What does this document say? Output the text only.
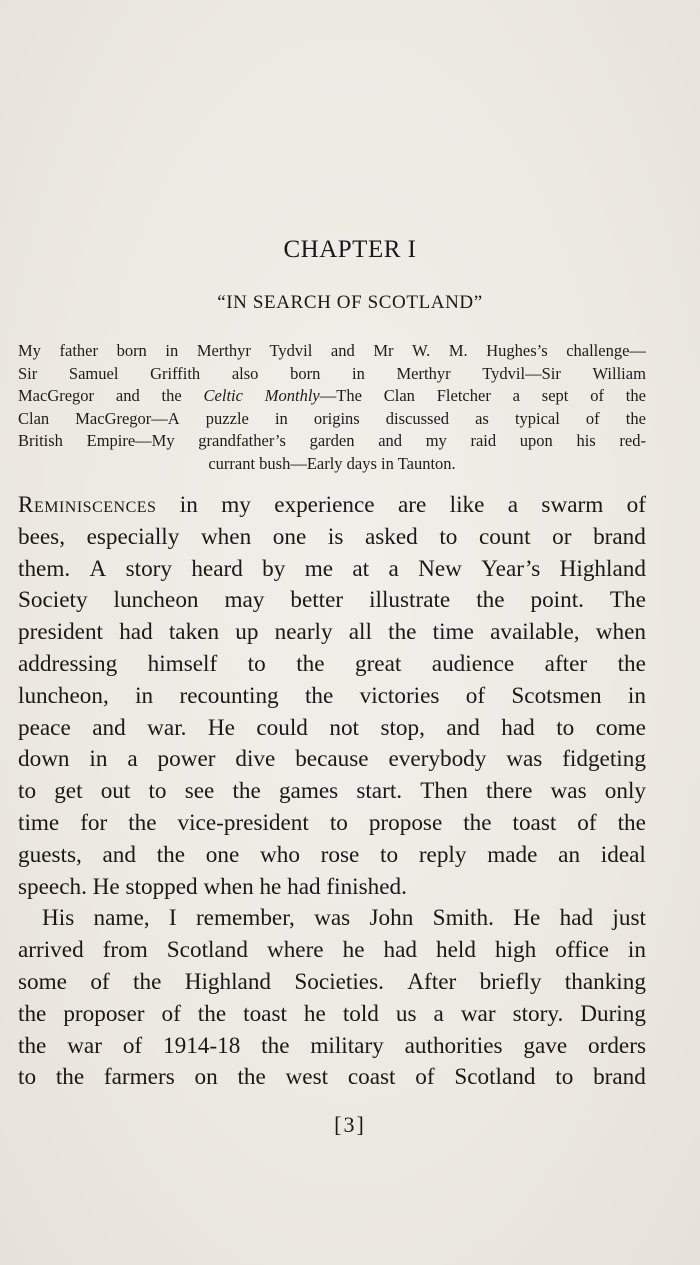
CHAPTER I
“IN SEARCH OF SCOTLAND”
My father born in Merthyr Tydvil and Mr W. M. Hughes’s challenge—
Sir Samuel Griffith also born in Merthyr Tydvil—Sir William
MacGregor and the Celtic Monthly—The Clan Fletcher a sept of the
Clan MacGregor—A puzzle in origins discussed as typical of the
British Empire—My grandfather’s garden and my raid upon his red-
currant bush—Early days in Taunton.
Reminiscences in my experience are like a swarm of
bees, especially when one is asked to count or brand
them. A story heard by me at a New Year’s Highland
Society luncheon may better illustrate the point. The
president had taken up nearly all the time available, when
addressing himself to the great audience after the
luncheon, in recounting the victories of Scotsmen in
peace and war. He could not stop, and had to come
down in a power dive because everybody was fidgeting
to get out to see the games start. Then there was only
time for the vice-president to propose the toast of the
guests, and the one who rose to reply made an ideal
speech. He stopped when he had finished.
His name, I remember, was John Smith. He had just
arrived from Scotland where he had held high office in
some of the Highland Societies. After briefly thanking
the proposer of the toast he told us a war story. During
the war of 1914-18 the military authorities gave orders
to the farmers on the west coast of Scotland to brand
[3]
